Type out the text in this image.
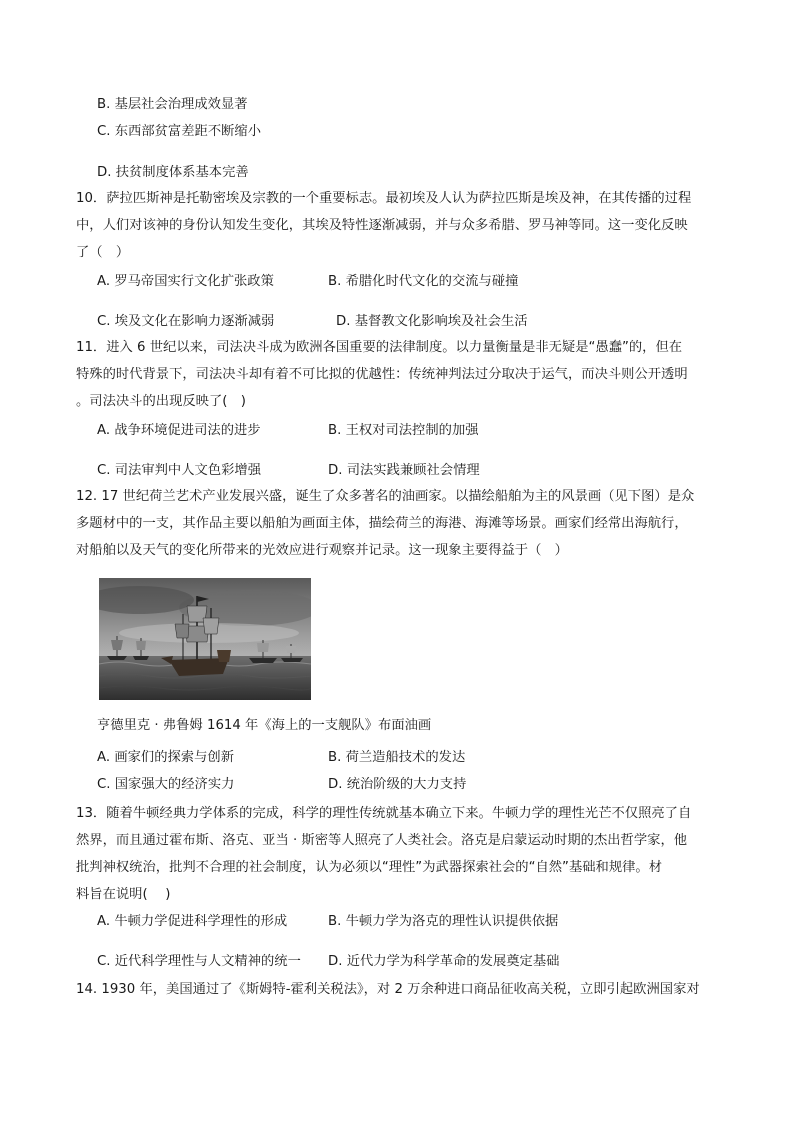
B. 基层社会治理成效显著
C. 东西部贫富差距不断缩小
D. 扶贫制度体系基本完善
10．萨拉匹斯神是托勒密埃及宗教的一个重要标志。最初埃及人认为萨拉匹斯是埃及神，在其传播的过程
中，人们对该神的身份认知发生变化，其埃及特性逐渐减弱，并与众多希腊、罗马神等同。这一变化反映
了（　）
A. 罗马帝国实行文化扩张政策	B. 希腊化时代文化的交流与碰撞
C. 埃及文化在影响力逐渐减弱	D. 基督教文化影响埃及社会生活
11．进入 6 世纪以来，司法决斗成为欧洲各国重要的法律制度。以力量衡量是非无疑是“愚蠢”的，但在
特殊的时代背景下，司法决斗却有着不可比拟的优越性：传统神判法过分取决于运气，而决斗则公开透明
。司法决斗的出现反映了(　)
A. 战争环境促进司法的进步	B. 王权对司法控制的加强
C. 司法审判中人文色彩增强	D. 司法实践兼顾社会情理
12. 17 世纪荷兰艺术产业发展兴盛，诞生了众多著名的油画家。以描绘船舶为主的风景画（见下图）是众
多题材中的一支，其作品主要以船舶为画面主体，描绘荷兰的海港、海滩等场景。画家们经常出海航行，
对船舶以及天气的变化所带来的光效应进行观察并记录。这一现象主要得益于（　）
亨德里克 · 弗鲁姆 1614 年《海上的一支舰队》布面油画
A. 画家们的探索与创新	B. 荷兰造船技术的发达
C. 国家强大的经济实力	D. 统治阶级的大力支持
13．随着牛顿经典力学体系的完成，科学的理性传统就基本确立下来。牛顿力学的理性光芒不仅照亮了自
然界，而且通过霍布斯、洛克、亚当 · 斯密等人照亮了人类社会。洛克是启蒙运动时期的杰出哲学家，他
批判神权统治，批判不合理的社会制度，认为必须以“理性”为武器探索社会的“自然”基础和规律。材
料旨在说明(　 )
A. 牛顿力学促进科学理性的形成	B. 牛顿力学为洛克的理性认识提供依据
C. 近代科学理性与人文精神的统一 D. 近代力学为科学革命的发展奠定基础
14. 1930 年，美国通过了《斯姆特-霍利关税法》，对 2 万余种进口商品征收高关税，立即引起欧洲国家对
